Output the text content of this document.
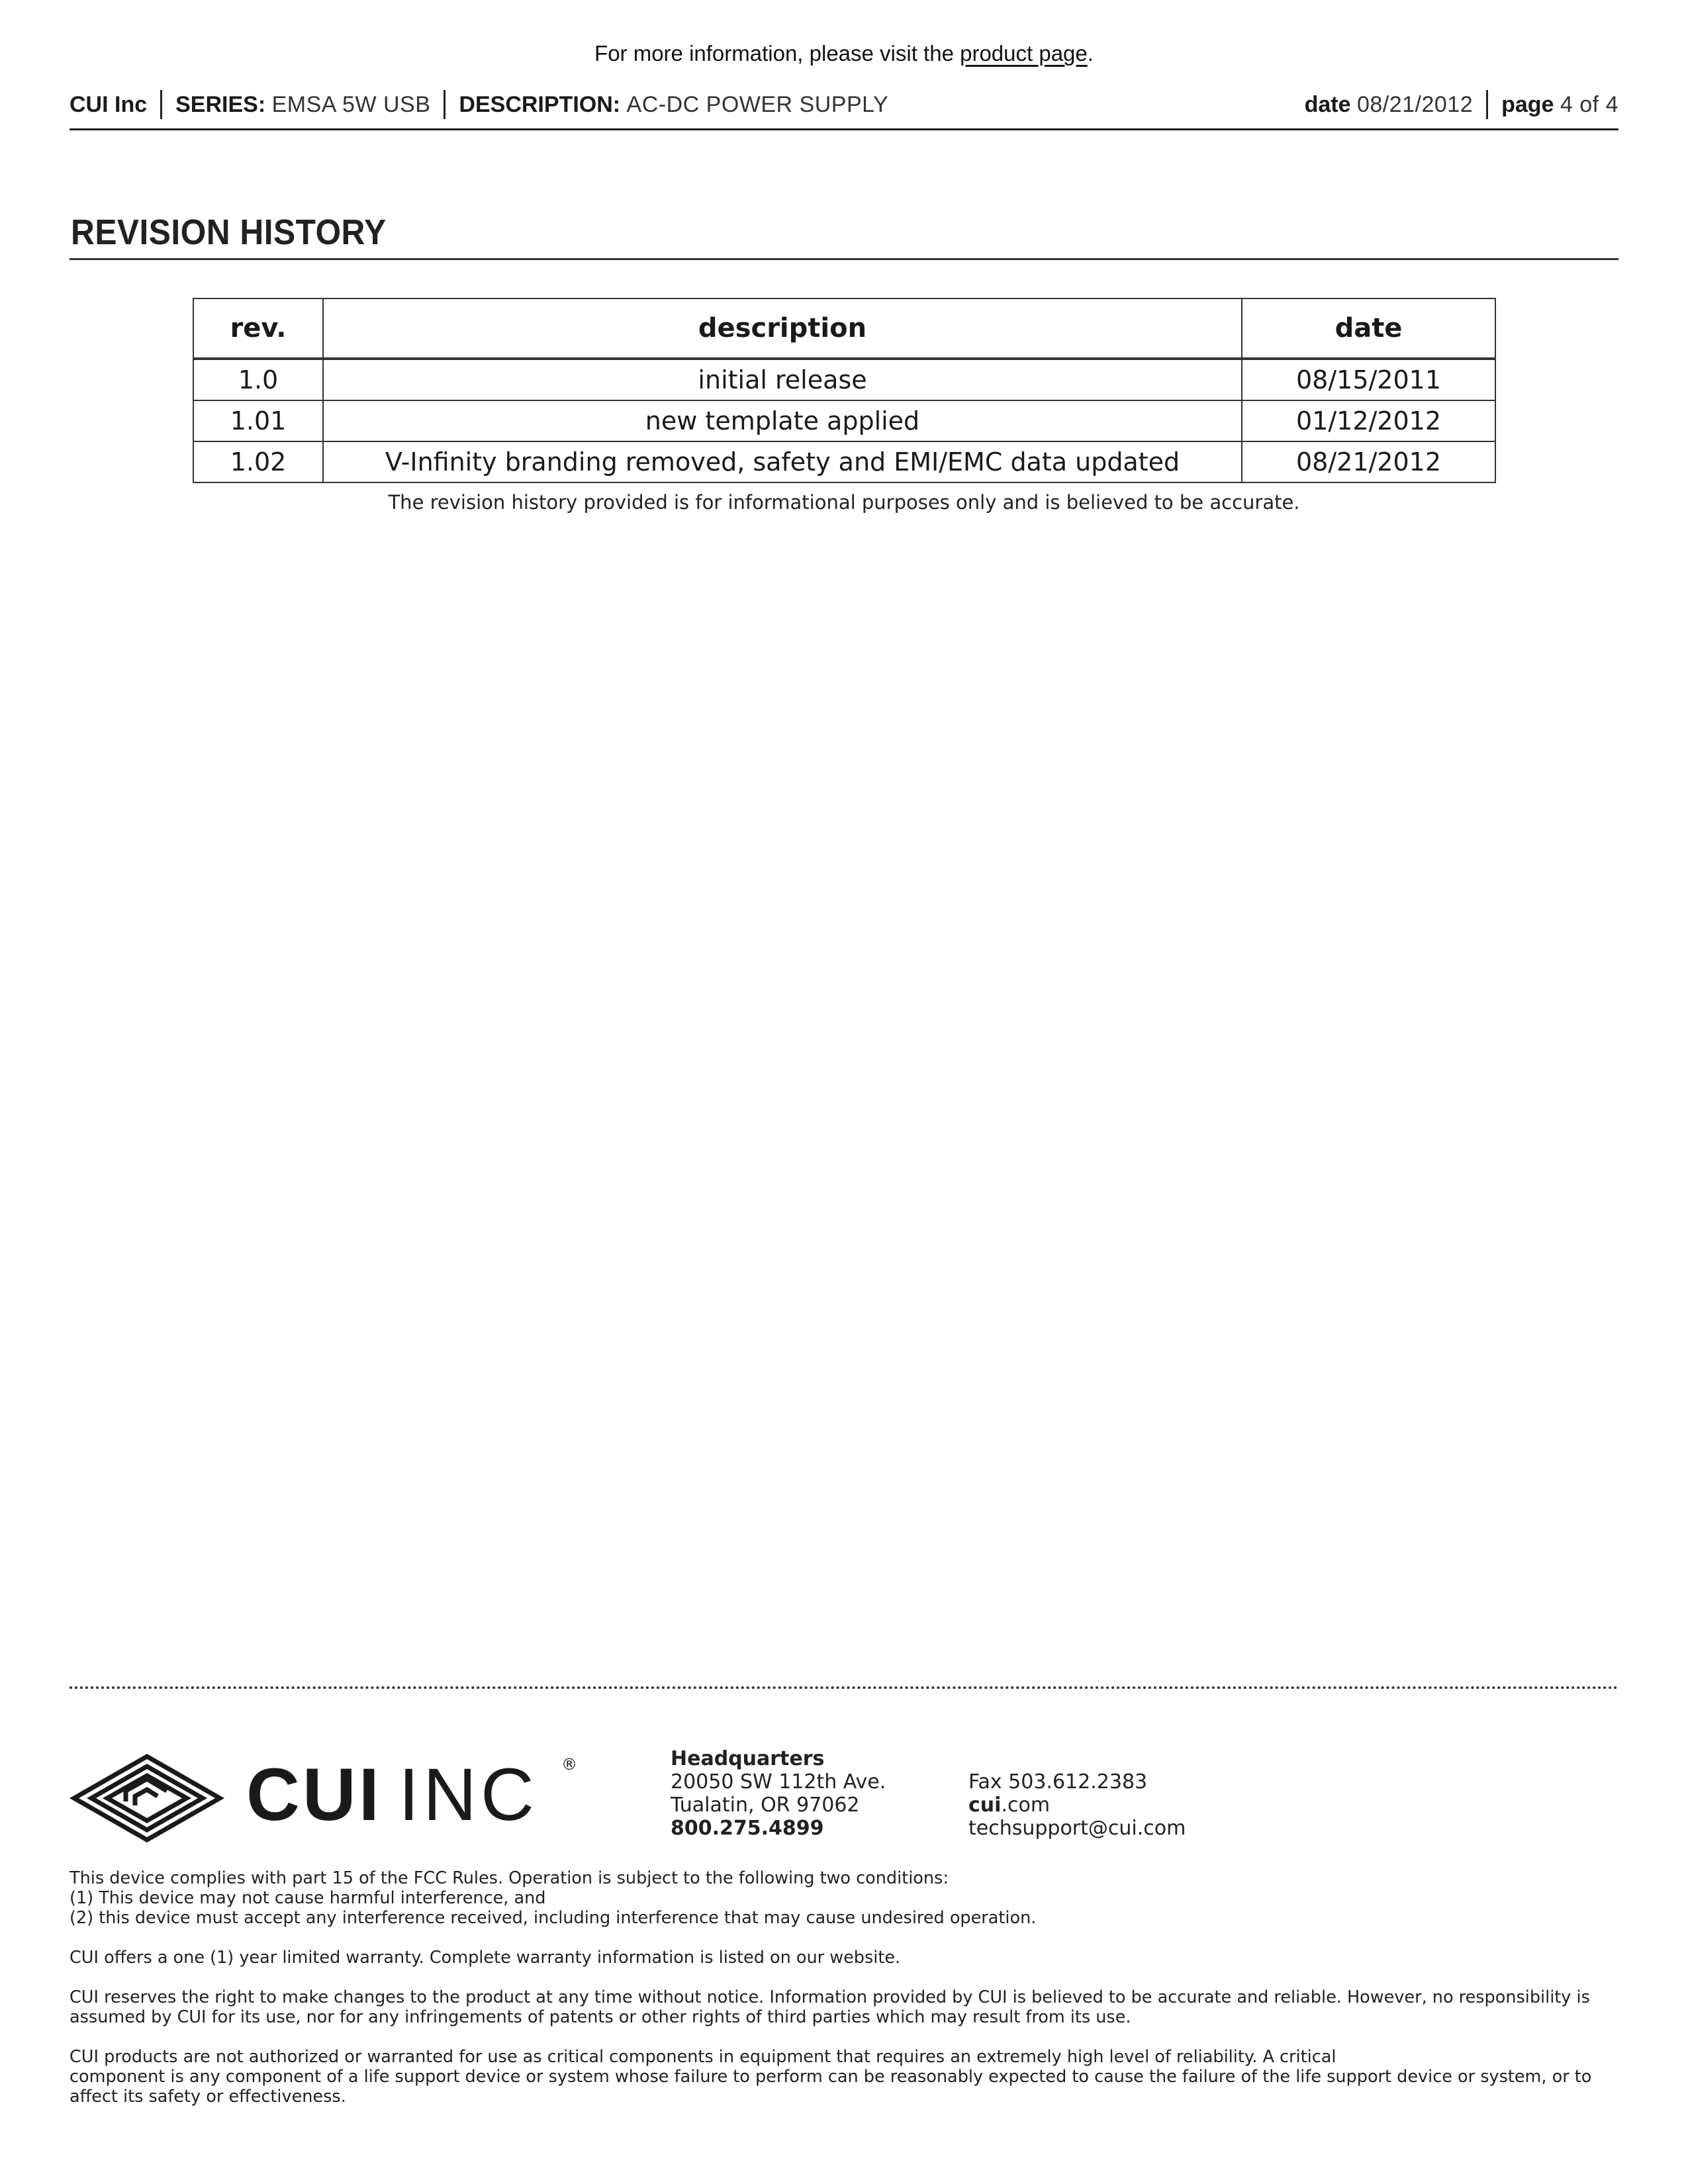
For more information, please visit the product page.
CUI Inc SERIES:
EMSA 5W USB DESCRIPTION:
AC-DC POWER SUPPLY	date
08/21/2012 page
4 of 4
REVISION HISTORY
rev.	description	date
1.0	initial release	08/15/2011
1.01	new template applied	01/12/2012
1.02	V-Infinity branding removed, safety and EMI/EMC data updated	08/21/2012
The revision history provided is for informational purposes only and is believed to be accurate.
CUI INC ®	Headquarters
20050 SW 112th Ave.
Tualatin, OR 97062
800.275.4899
Fax 503.612.2383
cui.com
techsupport@cui.com

This device complies with part 15 of the FCC Rules. Operation is subject to the following two conditions:

(1) This device may not cause harmful interference, and

(2) this device must accept any interference received, including interference that may cause undesired operation.

CUI offers a one (1) year limited warranty. Complete warranty information is listed on our website.

CUI reserves the right to make changes to the product at any time without notice. Information provided by CUI is believed to be accurate and reliable. However, no responsibility is

assumed by CUI for its use, nor for any infringements of patents or other rights of third parties which may result from its use.

CUI products are not authorized or warranted for use as critical components in equipment that requires an extremely high level of reliability. A critical

component is any component of a life support device or system whose failure to perform can be reasonably expected to cause the failure of the life support device or system, or to

affect its safety or effectiveness.
